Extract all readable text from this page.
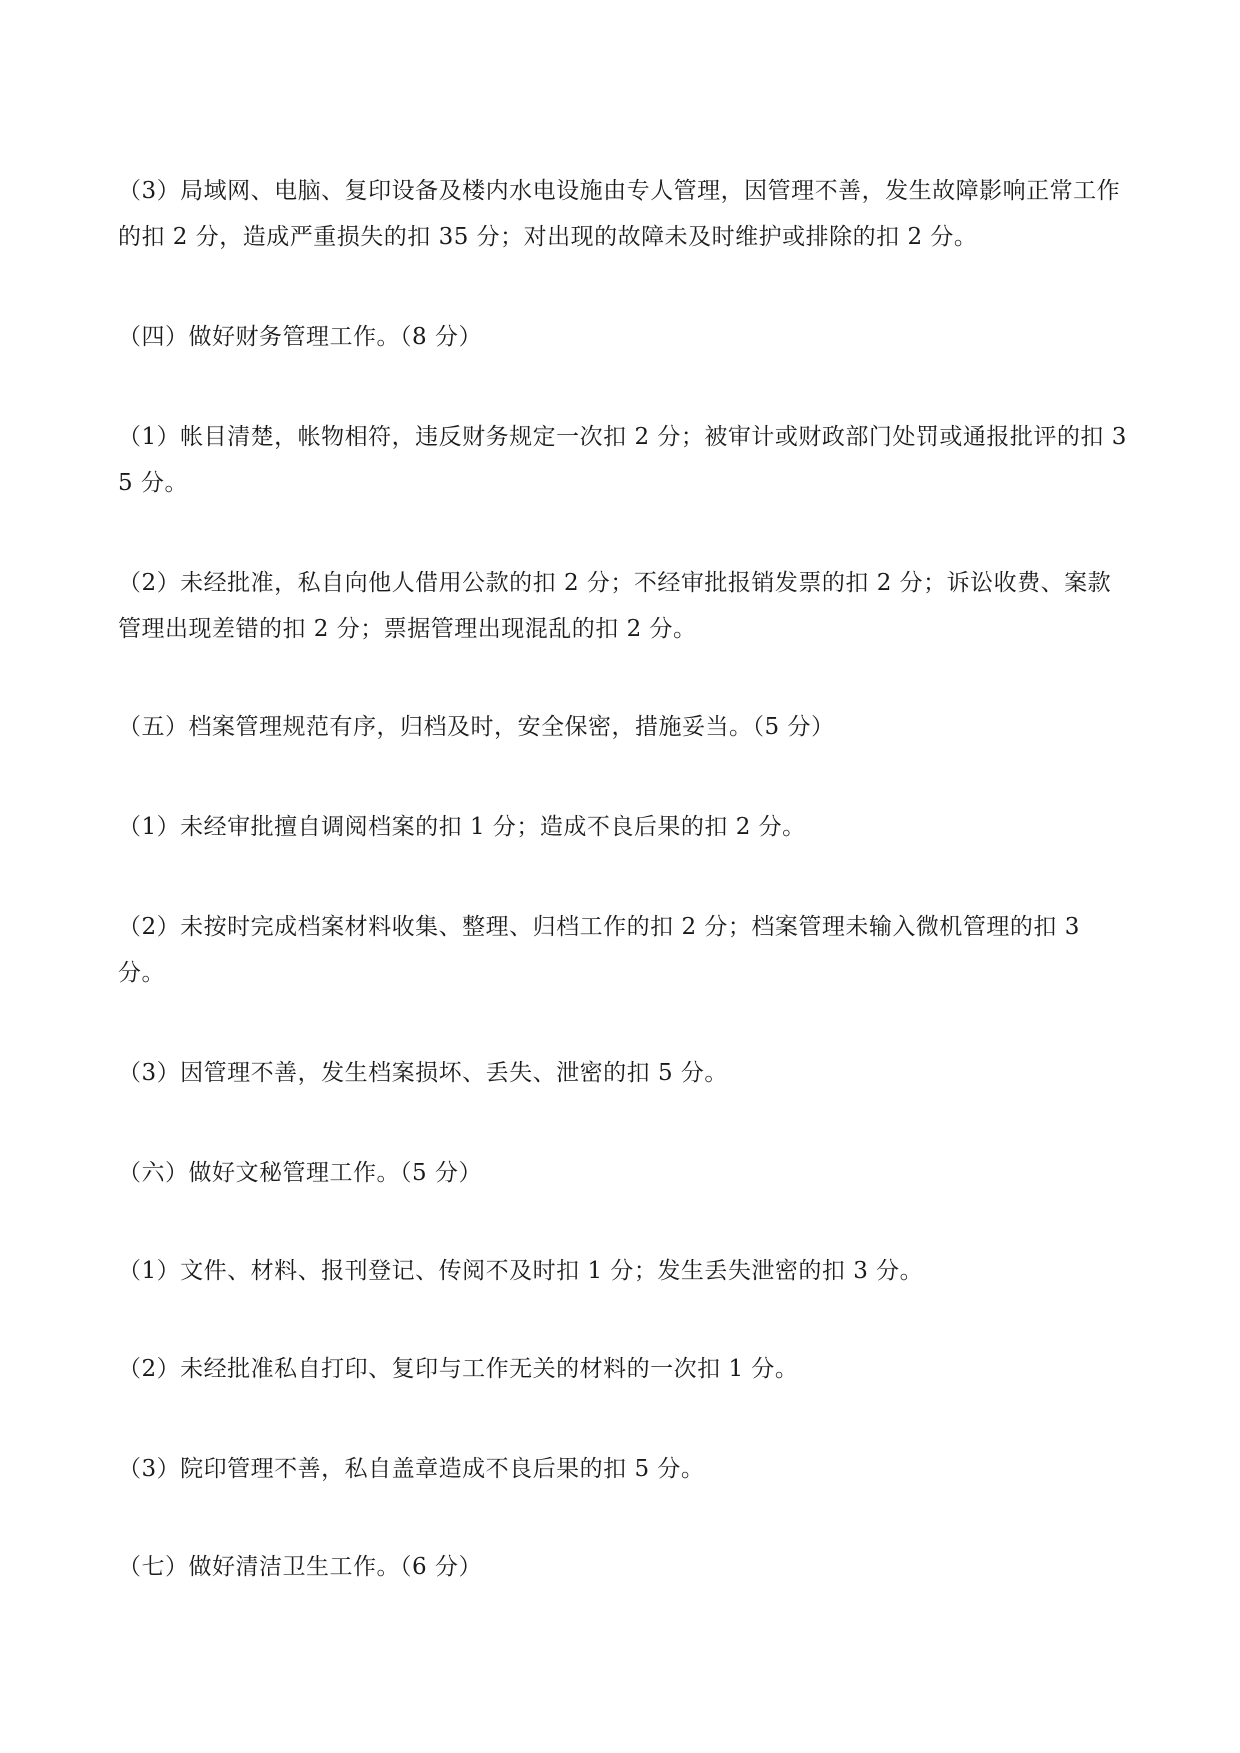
（3）局域网、电脑、复印设备及楼内水电设施由专人管理，因管理不善，发生故障影响正常工作的扣 2 分，造成严重损失的扣 35 分；对出现的故障未及时维护或排除的扣 2 分。

（四）做好财务管理工作。（8 分）

（1）帐目清楚，帐物相符，违反财务规定一次扣 2 分；被审计或财政部门处罚或通报批评的扣 35 分。

（2）未经批准，私自向他人借用公款的扣 2 分；不经审批报销发票的扣 2 分；诉讼收费、案款管理出现差错的扣 2 分；票据管理出现混乱的扣 2 分。

（五）档案管理规范有序，归档及时，安全保密，措施妥当。（5 分）

（1）未经审批擅自调阅档案的扣 1 分；造成不良后果的扣 2 分。

（2）未按时完成档案材料收集、整理、归档工作的扣 2 分；档案管理未输入微机管理的扣 3 分。

（3）因管理不善，发生档案损坏、丢失、泄密的扣 5 分。

（六）做好文秘管理工作。（5 分）

（1）文件、材料、报刊登记、传阅不及时扣 1 分；发生丢失泄密的扣 3 分。

（2）未经批准私自打印、复印与工作无关的材料的一次扣 1 分。

（3）院印管理不善，私自盖章造成不良后果的扣 5 分。

（七）做好清洁卫生工作。（6 分）
